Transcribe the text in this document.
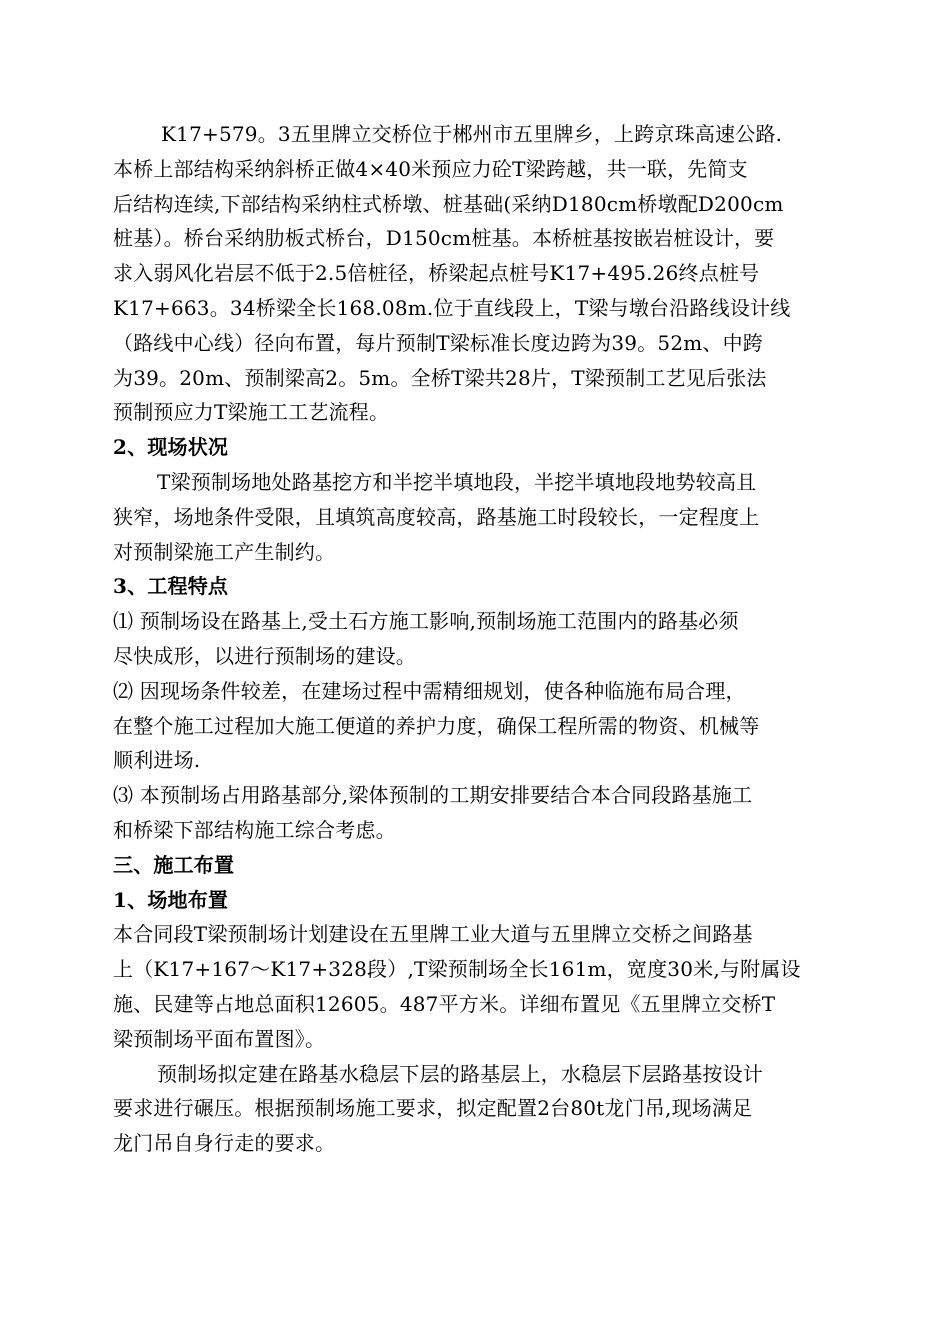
K17+579。3五里牌立交桥位于郴州市五里牌乡，上跨京珠高速公路.
本桥上部结构采纳斜桥正做4×40米预应力砼T梁跨越，共一联，先简支
后结构连续,下部结构采纳柱式桥墩、桩基础(采纳D180cm桥墩配D200cm
桩基）。桥台采纳肋板式桥台，D150cm桩基。本桥桩基按嵌岩桩设计，要
求入弱风化岩层不低于2.5倍桩径，桥梁起点桩号K17+495.26终点桩号
K17+663。34桥梁全长168.08m.位于直线段上，T梁与墩台沿路线设计线
（路线中心线）径向布置，每片预制T梁标准长度边跨为39。52m、中跨
为39。20m、预制梁高2。5m。全桥T梁共28片，T梁预制工艺见后张法
预制预应力T梁施工工艺流程。
2、现场状况
T梁预制场地处路基挖方和半挖半填地段，半挖半填地段地势较高且
狭窄，场地条件受限，且填筑高度较高，路基施工时段较长，一定程度上
对预制梁施工产生制约。
3、工程特点
⑴ 预制场设在路基上,受土石方施工影响,预制场施工范围内的路基必须
尽快成形，以进行预制场的建设。
⑵ 因现场条件较差，在建场过程中需精细规划，使各种临施布局合理，
在整个施工过程加大施工便道的养护力度，确保工程所需的物资、机械等
顺利进场.
⑶ 本预制场占用路基部分,梁体预制的工期安排要结合本合同段路基施工
和桥梁下部结构施工综合考虑。
三、施工布置
1、场地布置
本合同段T梁预制场计划建设在五里牌工业大道与五里牌立交桥之间路基
上（K17+167～K17+328段）,T梁预制场全长161m，宽度30米,与附属设
施、民建等占地总面积12605。487平方米。详细布置见《五里牌立交桥T
梁预制场平面布置图》。
预制场拟定建在路基水稳层下层的路基层上，水稳层下层路基按设计
要求进行碾压。根据预制场施工要求，拟定配置2台80t龙门吊,现场满足
龙门吊自身行走的要求。
